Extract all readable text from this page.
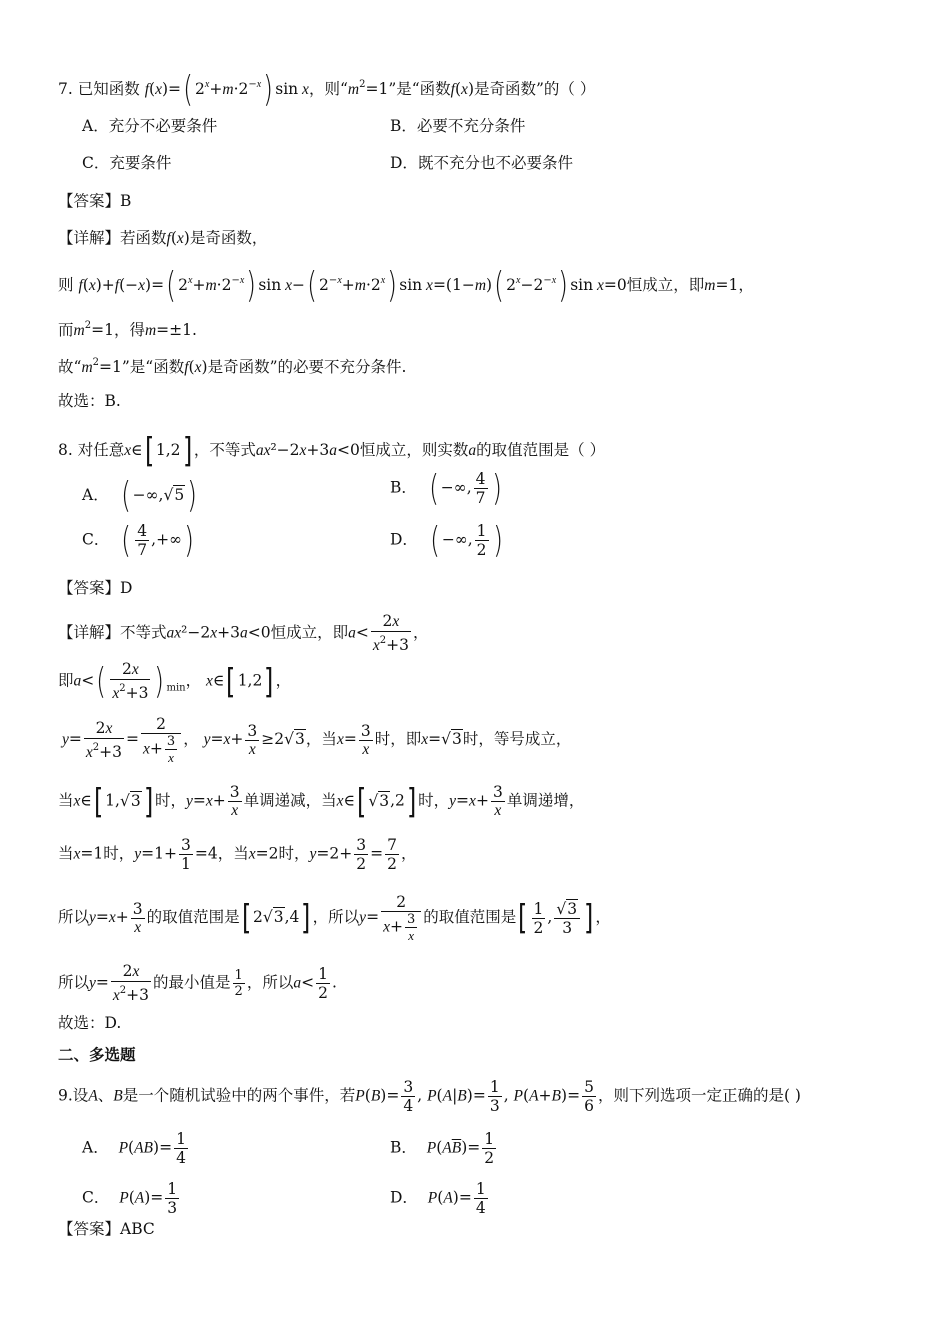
7. 已知函数 f(x)=( $2^x+m\cdot 2^{-x}$) sin x，则“$m^2=1$”是“函数f(x)是奇函数”的（ ）
A．充分不必要条件	B．必要不充分条件
C．充要条件	D．既不充分也不必要条件
【答案】B
【详解】若函数f(x)是奇函数，
则 f(x)+f(−x)=( $2^x+m\cdot 2^{-x}$) sin x−( $2^{-x}+m\cdot 2^x$) sin x=(1−m)( $2^x-2^{-x}$) sin x=0恒成立，即m=1，
而$m^2=1$，得m=±1.
故“$m^2=1$”是“函数f(x)是奇函数”的必要不充分条件.
故选：B.
8. 对任意x∈[ 1,2] ，不等式ax²−2x+3a<0恒成立，则实数a的取值范围是（ ）
A． ( −∞,√5)	B． ( −∞, $\frac{4}{7}$ )
C． ( $\frac{4}{7}$ ,+∞)	D． ( −∞, $\frac{1}{2}$ )
【答案】D
【详解】不等式ax²−2x+3a<0恒成立，即$a< \frac{2x}{x^2+3}$ ，
即$a<( \frac{2x}{x^2+3}$ ) $_{min}$， x∈[ 1,2] ，
$y= \frac{2x}{x^2+3} = \frac{2}{x+ \frac{3}{x}}$ ， $y=x+ \frac{3}{x} \ge 2√3$，当$x= \frac{3}{x}$ 时，即x=√3时，等号成立，
当x∈[ 1,√3] 时，$y=x+ \frac{3}{x}$ 单调递减，当x∈[ √3,2] 时，$y=x+ \frac{3}{x}$ 单调递增，
当x=1时，$y=1+ \frac{3}{1} =4$，当x=2时，$y=2+ \frac{3}{2} = \frac{7}{2}$ ，
所以$y=x+ \frac{3}{x}$ 的取值范围是[ 2√3,4] ，所以$y= \frac{2}{x+ \frac{3}{x}}$ 的取值范围是[ $\frac{1}{2}$ , $\frac{√3}{3}$ ] ，
所以$y= \frac{2x}{x^2+3}$ 的最小值是 $\frac{1}{2}$ ，所以$a< \frac{1}{2}$ .
故选：D.
二、多选题
9.设A、B是一个随机试验中的两个事件，若$P(B)= \frac{3}{4}$ , $P(A|B)= \frac{1}{3}$ , $P(A+B)= \frac{5}{6}$ ，则下列选项一定正确的是( )
A． $P(AB)= \frac{1}{4}$	B． $P(A\overline{B})= \frac{1}{2}$
C． $P(A)= \frac{1}{3}$	D． $P(A)= \frac{1}{4}$
【答案】ABC
